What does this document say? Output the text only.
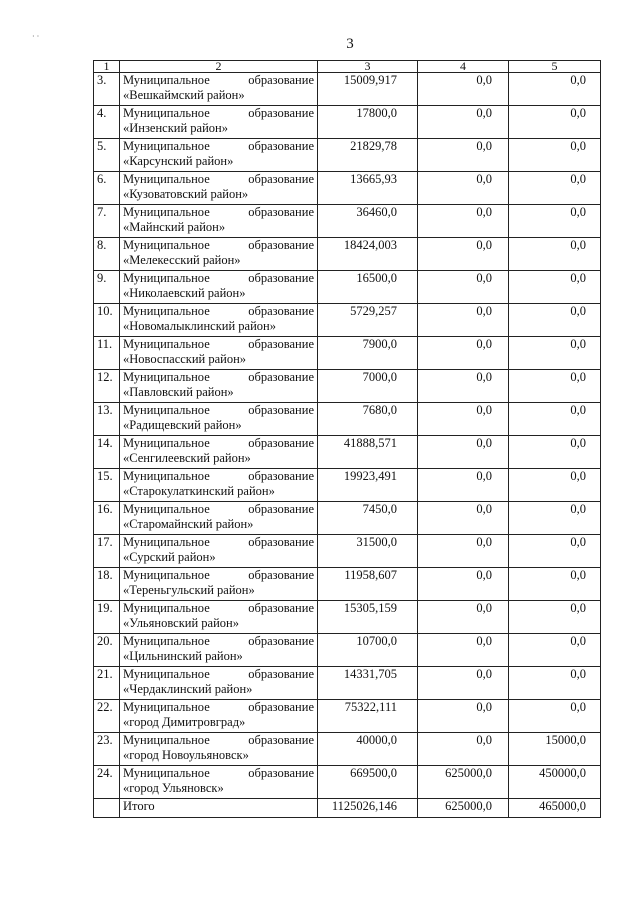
· ·	3
1	2	3	4	5
3.	Муниципальное образование
«Вешкаймский район»	15009,917	0,0	0,0
4.	Муниципальное образование
«Инзенский район»	17800,0	0,0	0,0
5.	Муниципальное образование
«Карсунский район»	21829,78	0,0	0,0
6.	Муниципальное образование
«Кузоватовский район»	13665,93	0,0	0,0
7.	Муниципальное образование
«Майнский район»	36460,0	0,0	0,0
8.	Муниципальное образование
«Мелекесский район»	18424,003	0,0	0,0
9.	Муниципальное образование
«Николаевский район»	16500,0	0,0	0,0
10.	Муниципальное образование
«Новомалыклинский район»	5729,257	0,0	0,0
11.	Муниципальное образование
«Новоспасский район»	7900,0	0,0	0,0
12.	Муниципальное образование
«Павловский район»	7000,0	0,0	0,0
13.	Муниципальное образование
«Радищевский район»	7680,0	0,0	0,0
14.	Муниципальное образование
«Сенгилеевский район»	41888,571	0,0	0,0
15.	Муниципальное образование
«Старокулаткинский район»	19923,491	0,0	0,0
16.	Муниципальное образование
«Старомайнский район»	7450,0	0,0	0,0
17.	Муниципальное образование
«Сурский район»	31500,0	0,0	0,0
18.	Муниципальное образование
«Тереньгульский район»	11958,607	0,0	0,0
19.	Муниципальное образование
«Ульяновский район»	15305,159	0,0	0,0
20.	Муниципальное образование
«Цильнинский район»	10700,0	0,0	0,0
21.	Муниципальное образование
«Чердаклинский район»	14331,705	0,0	0,0
22.	Муниципальное образование
«город Димитровград»	75322,111	0,0	0,0
23.	Муниципальное образование
«город Новоульяновск»	40000,0	0,0	15000,0
24.	Муниципальное образование
«город Ульяновск»	669500,0	625000,0	450000,0
	Итого	1125026,146	625000,0	465000,0
